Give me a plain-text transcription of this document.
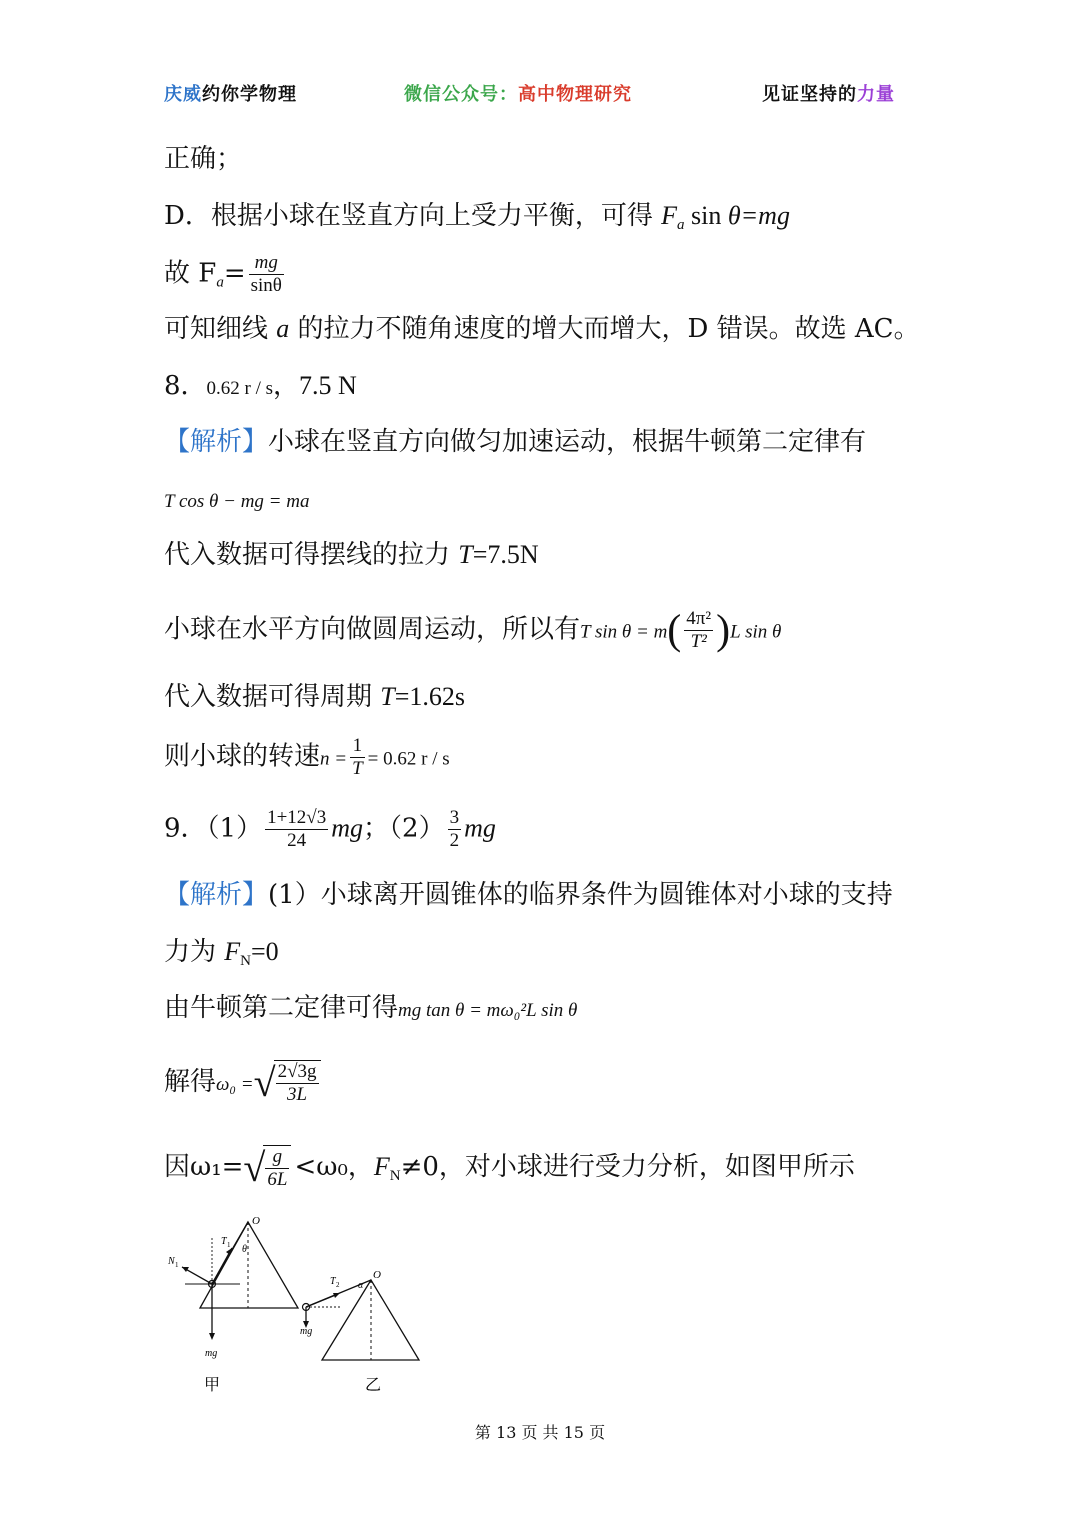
庆威约你学物理	微信公众号：高中物理研究	见证坚持的力量
正确；
D．根据小球在竖直方向上受力平衡，可得 $F_a$ sin θ=mg
故 $F_a= \frac{mg}{\sin\theta}$
可知细线 a 的拉力不随角速度的增大而增大，D 错误。故选 AC。
8．0.62 r / s，7.5 N
【解析】小球在竖直方向做匀加速运动，根据牛顿第二定律有
T cos θ − mg = ma
代入数据可得摆线的拉力 T=7.5N
小球在水平方向做圆周运动，所以有T $\sin \theta = m( \frac{\text{4π²}}{\text{T²}} )L$ sin θ
代入数据可得周期 T=1.62s
则小球的转速$n = \frac{1}{T} = 0.62$ r / s
9．$(1) \frac{1+12√3}{24}$ mg；$(2) \frac{3}{2}$ mg
【解析】(1）小球离开圆锥体的临界条件为圆锥体对小球的支持
力为 $F_N=0$
由牛顿第二定律可得mg tan θ = mω₀²L sin θ
解得ω₀ =√
$\frac{2√3g}{3L}$
因ω₁=√
$\frac{g}{6L} <\omega_0$，$F_N\ne 0$，对小球进行受力分析，如图甲所示
O
T 1 θ
N 1
mg
甲
O
T 2 α
mg
乙
第 13 页 共 15 页
